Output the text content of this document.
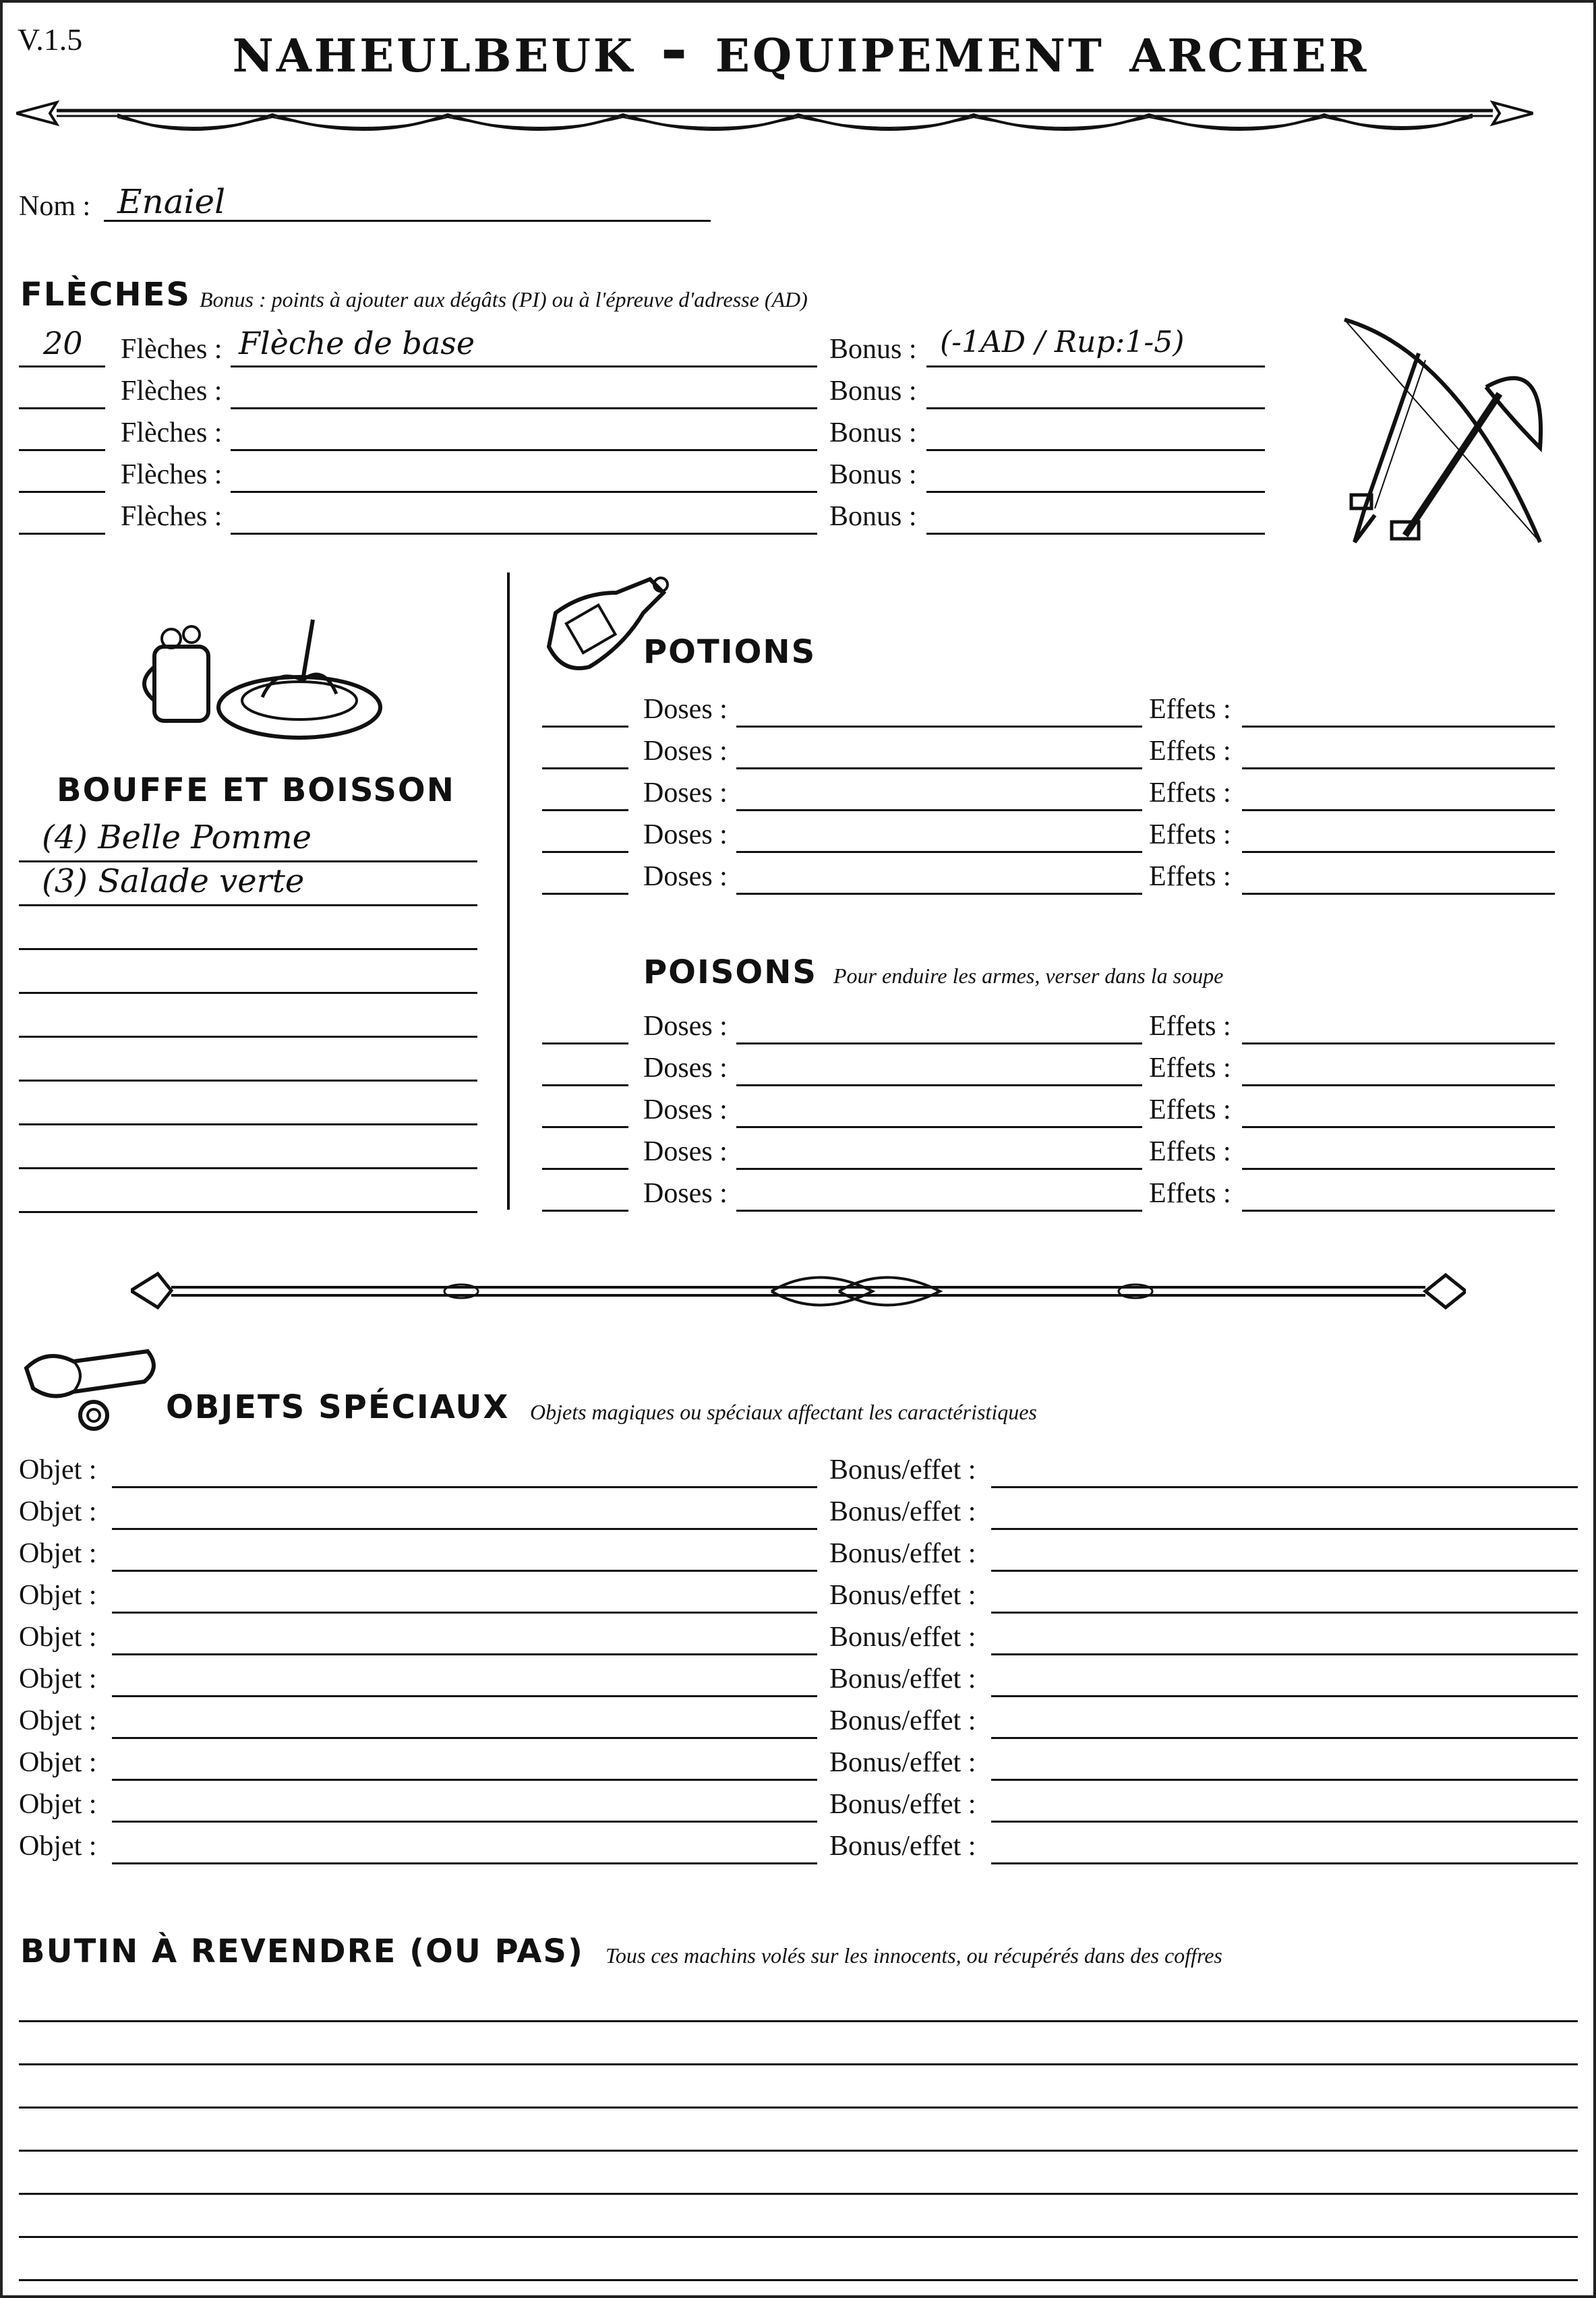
V.1.5	naheulbeuk - equipement archer
Nom : Enaiel
FLÈCHES Bonus : points à ajouter aux dégâts (PI) ou à l'épreuve d'adresse (AD)
20 Flèches : Flèche de base	Bonus : (-1AD / Rup:1-5)
Flèches :	Bonus :
Flèches :	Bonus :
Flèches :	Bonus :
Flèches :	Bonus :
BOUFFE ET BOISSON
(4) Belle Pomme
(3) Salade verte
POTIONS
Doses :	Effets :
Doses :	Effets :
Doses :	Effets :
Doses :	Effets :
Doses :	Effets :
POISONS Pour enduire les armes, verser dans la soupe
Doses :	Effets :
Doses :	Effets :
Doses :	Effets :
Doses :	Effets :
Doses :	Effets :
OBJETS SPÉCIAUX Objets magiques ou spéciaux affectant les caractéristiques
Objet :	Bonus/effet :
Objet :	Bonus/effet :
Objet :	Bonus/effet :
Objet :	Bonus/effet :
Objet :	Bonus/effet :
Objet :	Bonus/effet :
Objet :	Bonus/effet :
Objet :	Bonus/effet :
Objet :	Bonus/effet :
Objet :	Bonus/effet :
BUTIN À REVENDRE (OU PAS) Tous ces machins volés sur les innocents, ou récupérés dans des coffres
